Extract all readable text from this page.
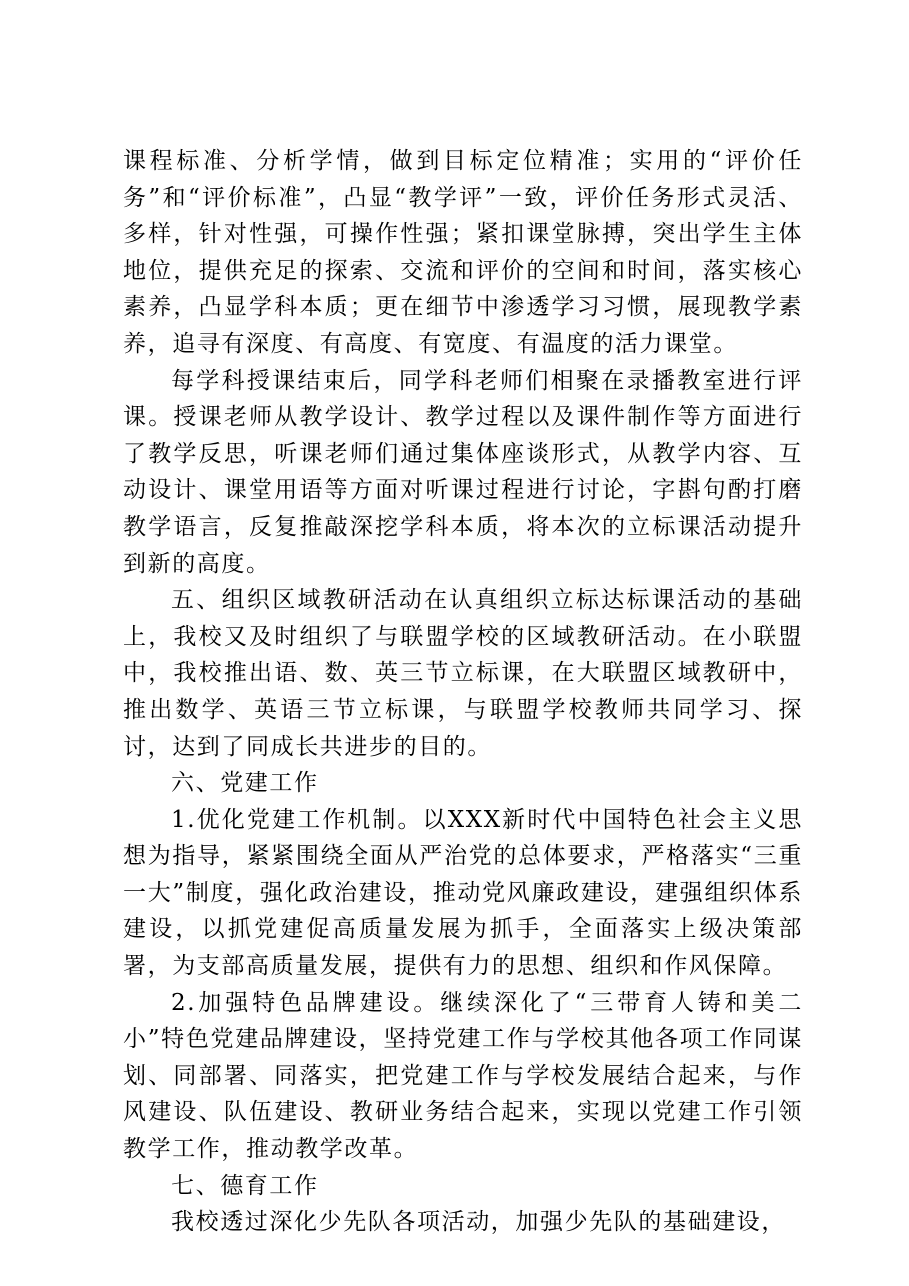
课程标准、分析学情，做到目标定位精准；实用的“评价任务”和“评价标准”，凸显“教学评”一致，评价任务形式灵活、多样，针对性强，可操作性强；紧扣课堂脉搏，突出学生主体地位，提供充足的探索、交流和评价的空间和时间，落实核心素养，凸显学科本质；更在细节中渗透学习习惯，展现教学素养，追寻有深度、有高度、有宽度、有温度的活力课堂。

每学科授课结束后，同学科老师们相聚在录播教室进行评课。授课老师从教学设计、教学过程以及课件制作等方面进行了教学反思，听课老师们通过集体座谈形式，从教学内容、互动设计、课堂用语等方面对听课过程进行讨论，字斟句酌打磨教学语言，反复推敲深挖学科本质，将本次的立标课活动提升到新的高度。

五、组织区域教研活动在认真组织立标达标课活动的基础上，我校又及时组织了与联盟学校的区域教研活动。在小联盟中，我校推出语、数、英三节立标课，在大联盟区域教研中，推出数学、英语三节立标课，与联盟学校教师共同学习、探讨，达到了同成长共进步的目的。

六、党建工作

1.优化党建工作机制。以XXX新时代中国特色社会主义思想为指导，紧紧围绕全面从严治党的总体要求，严格落实“三重一大”制度，强化政治建设，推动党风廉政建设，建强组织体系建设，以抓党建促高质量发展为抓手，全面落实上级决策部署，为支部高质量发展，提供有力的思想、组织和作风保障。

2.加强特色品牌建设。继续深化了“三带育人铸和美二小”特色党建品牌建设，坚持党建工作与学校其他各项工作同谋划、同部署、同落实，把党建工作与学校发展结合起来，与作风建设、队伍建设、教研业务结合起来，实现以党建工作引领教学工作，推动教学改革。

七、德育工作

我校透过深化少先队各项活动，加强少先队的基础建设，
